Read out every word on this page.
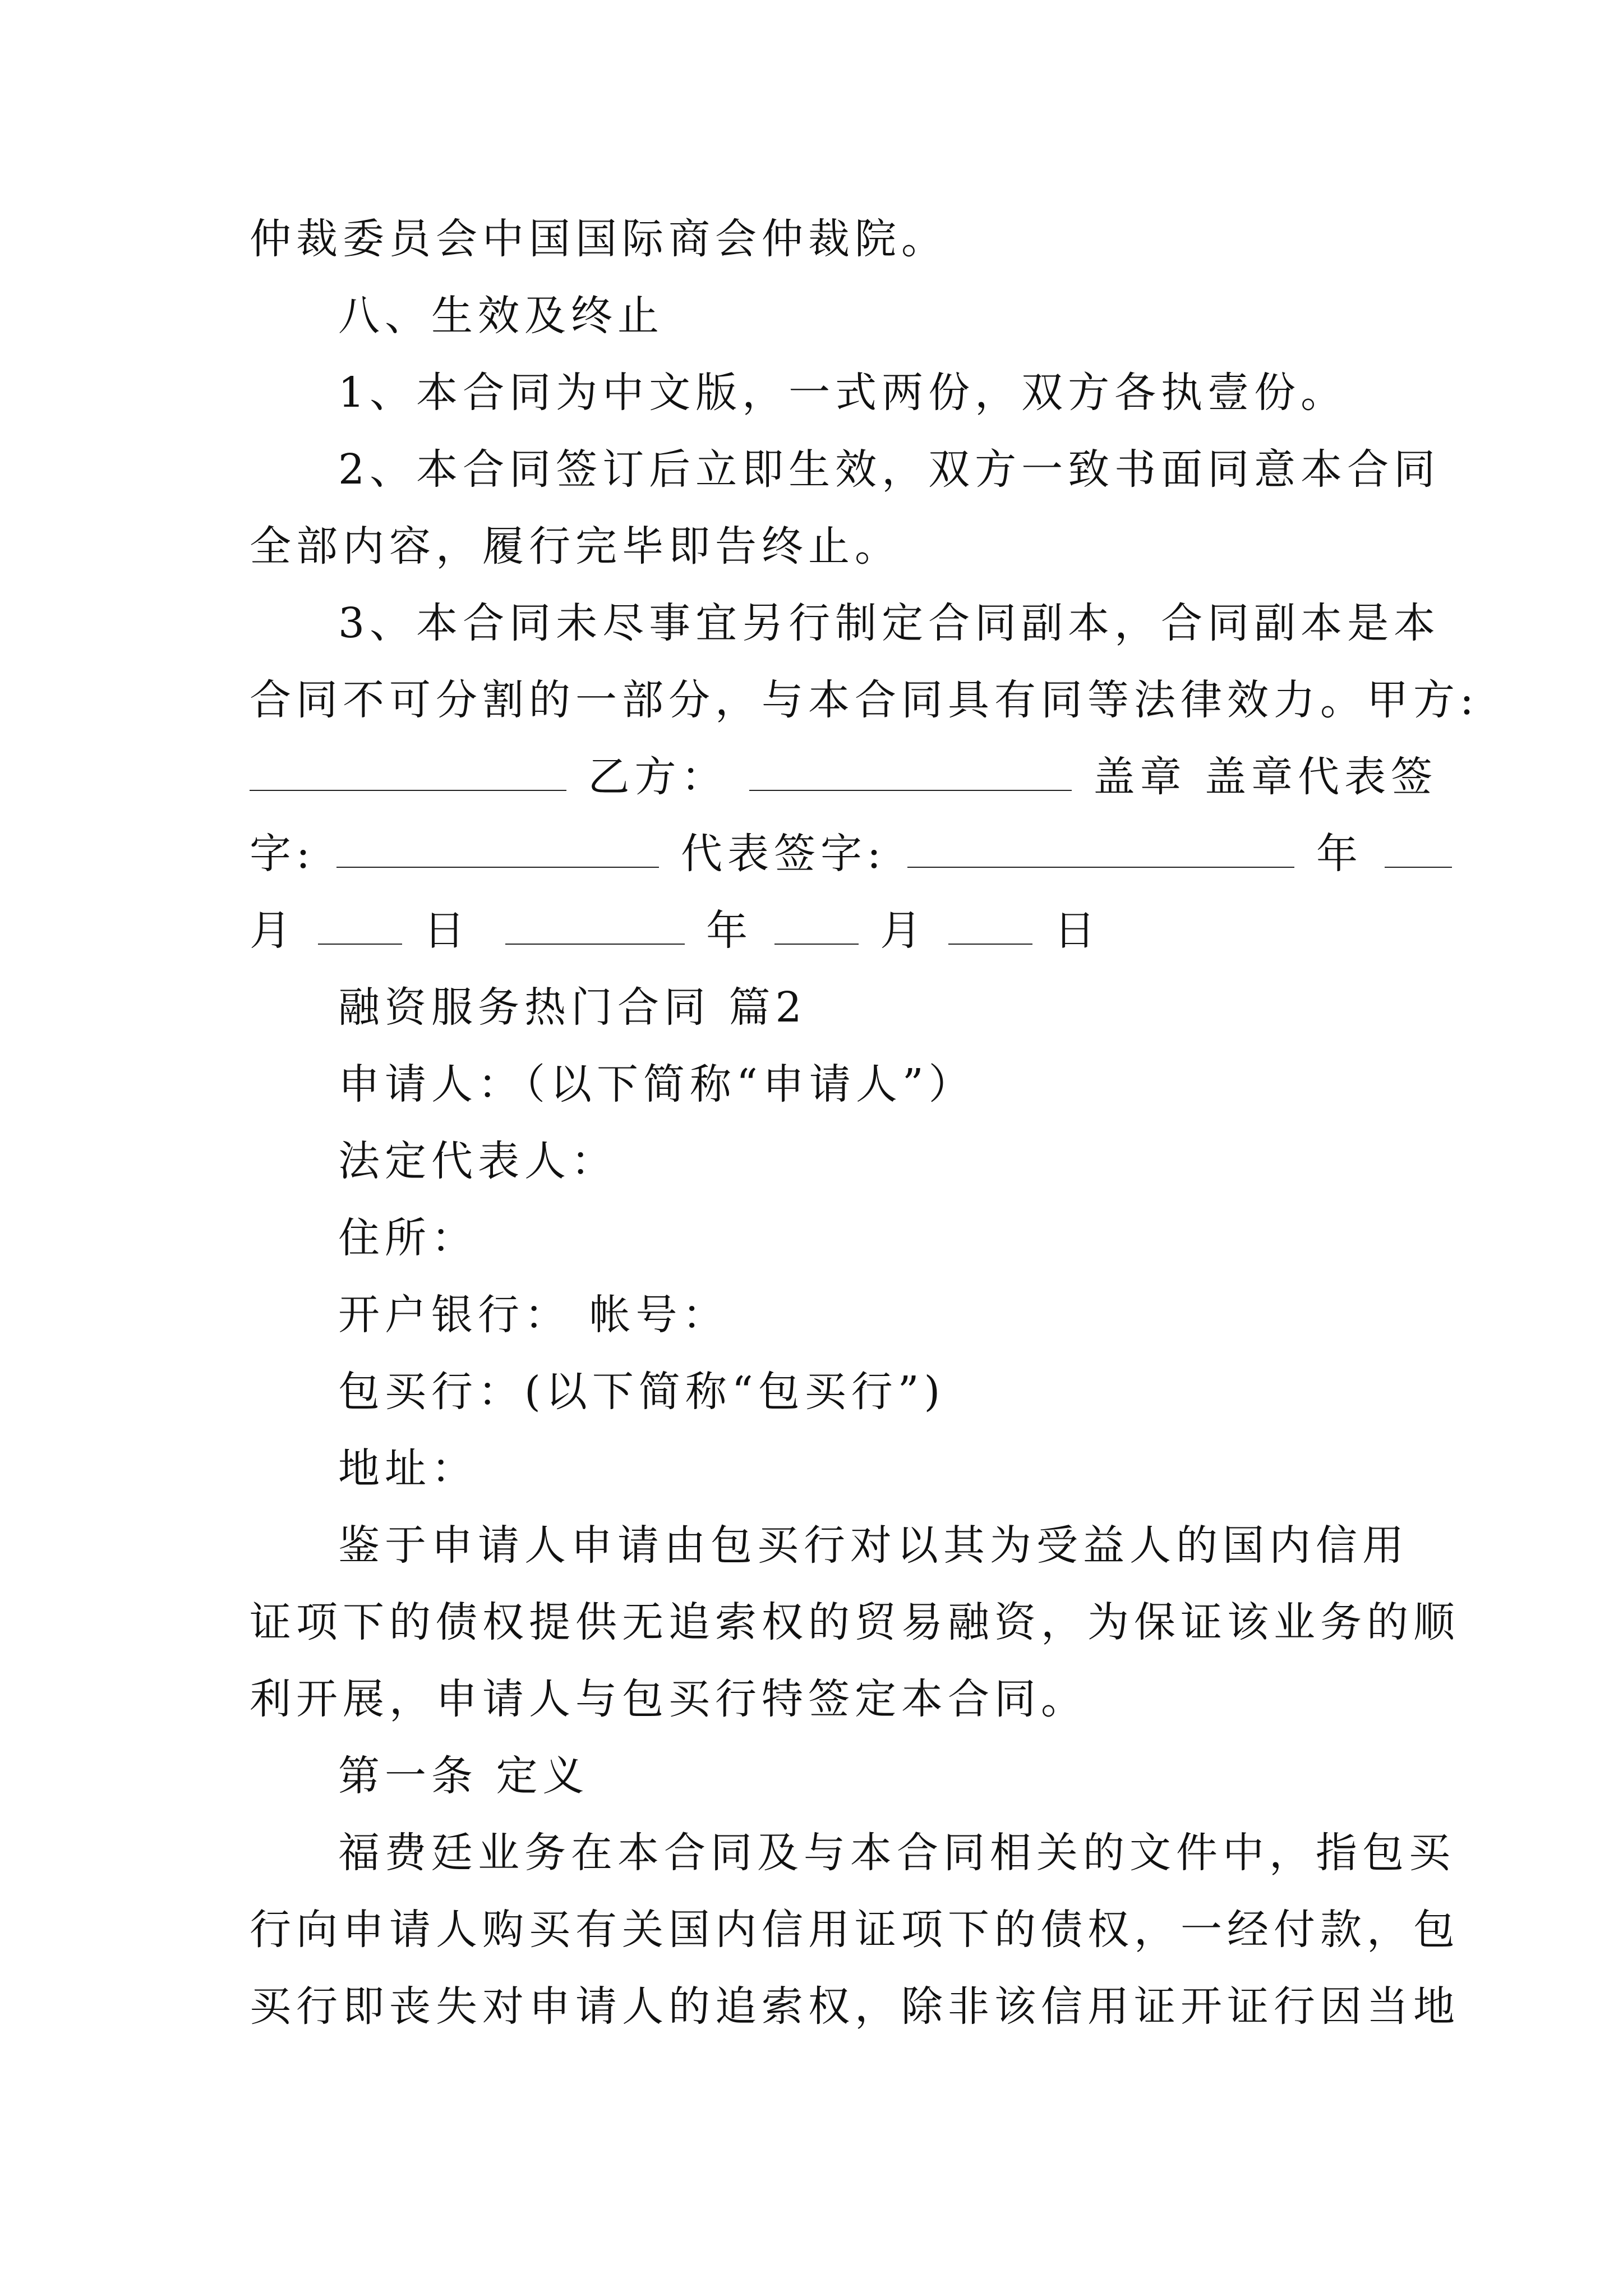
仲裁委员会中国国际商会仲裁院。
八、生效及终止
1、本合同为中文版，一式两份，双方各执壹份。
2、本合同签订后立即生效，双方一致书面同意本合同
全部内容，履行完毕即告终止。
3、本合同未尽事宜另行制定合同副本，合同副本是本
合同不可分割的一部分，与本合同具有同等法律效力。甲方:
乙方：	盖章 盖章代表签
字:	代表签字:	年
月	日	年	月	日
融资服务热门合同 篇2
申请人：（以下简称“申请人”）
法定代表人：
住所：
开户银行： 帐号：
包买行：(以下简称“包买行”)
地址：
鉴于申请人申请由包买行对以其为受益人的国内信用
证项下的债权提供无追索权的贸易融资，为保证该业务的顺
利开展，申请人与包买行特签定本合同。
第一条 定义
福费廷业务在本合同及与本合同相关的文件中，指包买
行向申请人购买有关国内信用证项下的债权，一经付款，包
买行即丧失对申请人的追索权，除非该信用证开证行因当地
